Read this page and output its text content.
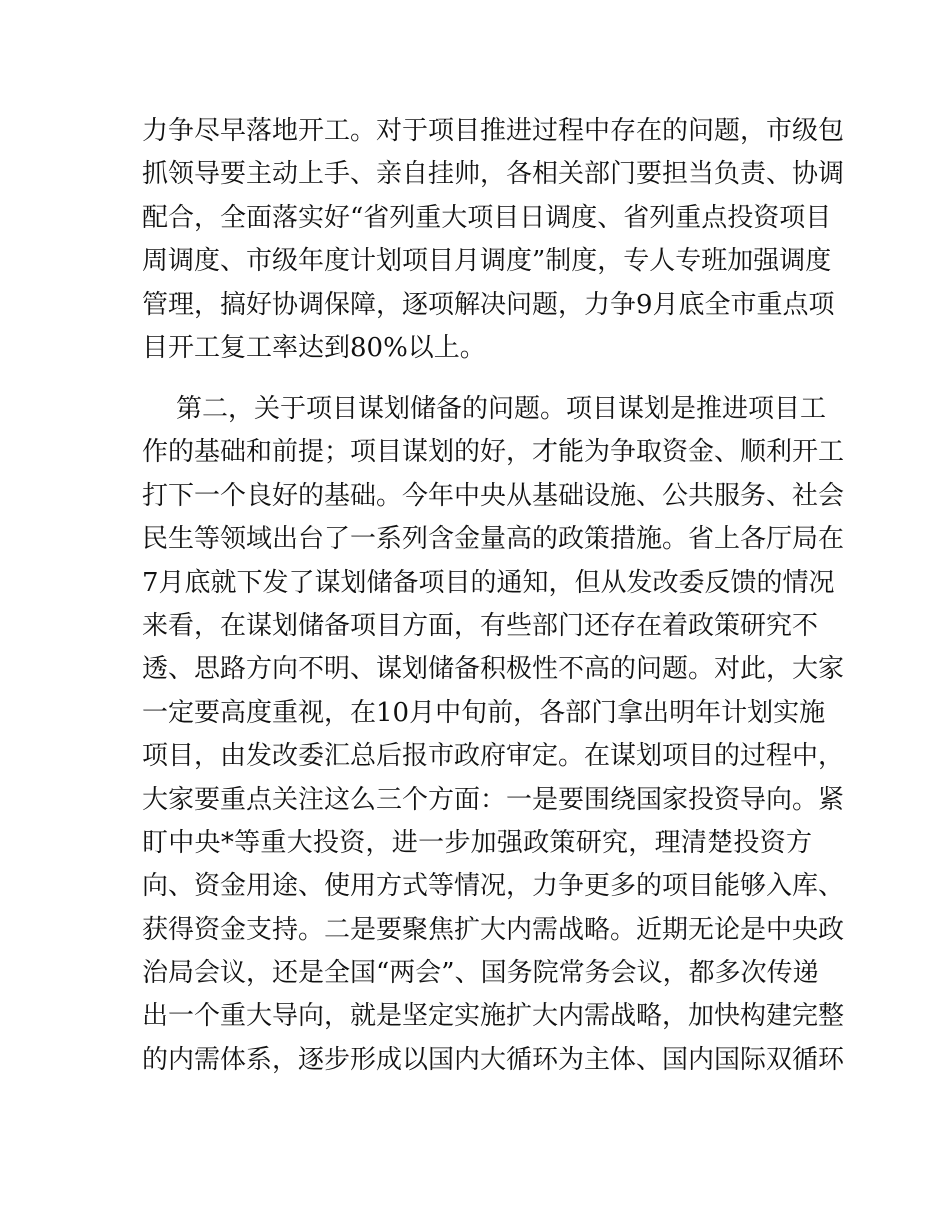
力争尽早落地开工。对于项目推进过程中存在的问题，市级包
抓领导要主动上手、亲自挂帅，各相关部门要担当负责、协调
配合，全面落实好“省列重大项目日调度、省列重点投资项目
周调度、市级年度计划项目月调度”制度，专人专班加强调度
管理，搞好协调保障，逐项解决问题，力争9月底全市重点项
目开工复工率达到80%以上。
第二，关于项目谋划储备的问题。项目谋划是推进项目工
作的基础和前提；项目谋划的好，才能为争取资金、顺利开工
打下一个良好的基础。今年中央从基础设施、公共服务、社会
民生等领域出台了一系列含金量高的政策措施。省上各厅局在
7月底就下发了谋划储备项目的通知，但从发改委反馈的情况
来看，在谋划储备项目方面，有些部门还存在着政策研究不
透、思路方向不明、谋划储备积极性不高的问题。对此，大家
一定要高度重视，在10月中旬前，各部门拿出明年计划实施
项目，由发改委汇总后报市政府审定。在谋划项目的过程中，
大家要重点关注这么三个方面：一是要围绕国家投资导向。紧
盯中央*等重大投资，进一步加强政策研究，理清楚投资方
向、资金用途、使用方式等情况，力争更多的项目能够入库、
获得资金支持。二是要聚焦扩大内需战略。近期无论是中央政
治局会议，还是全国“两会”、国务院常务会议，都多次传递
出一个重大导向，就是坚定实施扩大内需战略，加快构建完整
的内需体系，逐步形成以国内大循环为主体、国内国际双循环
